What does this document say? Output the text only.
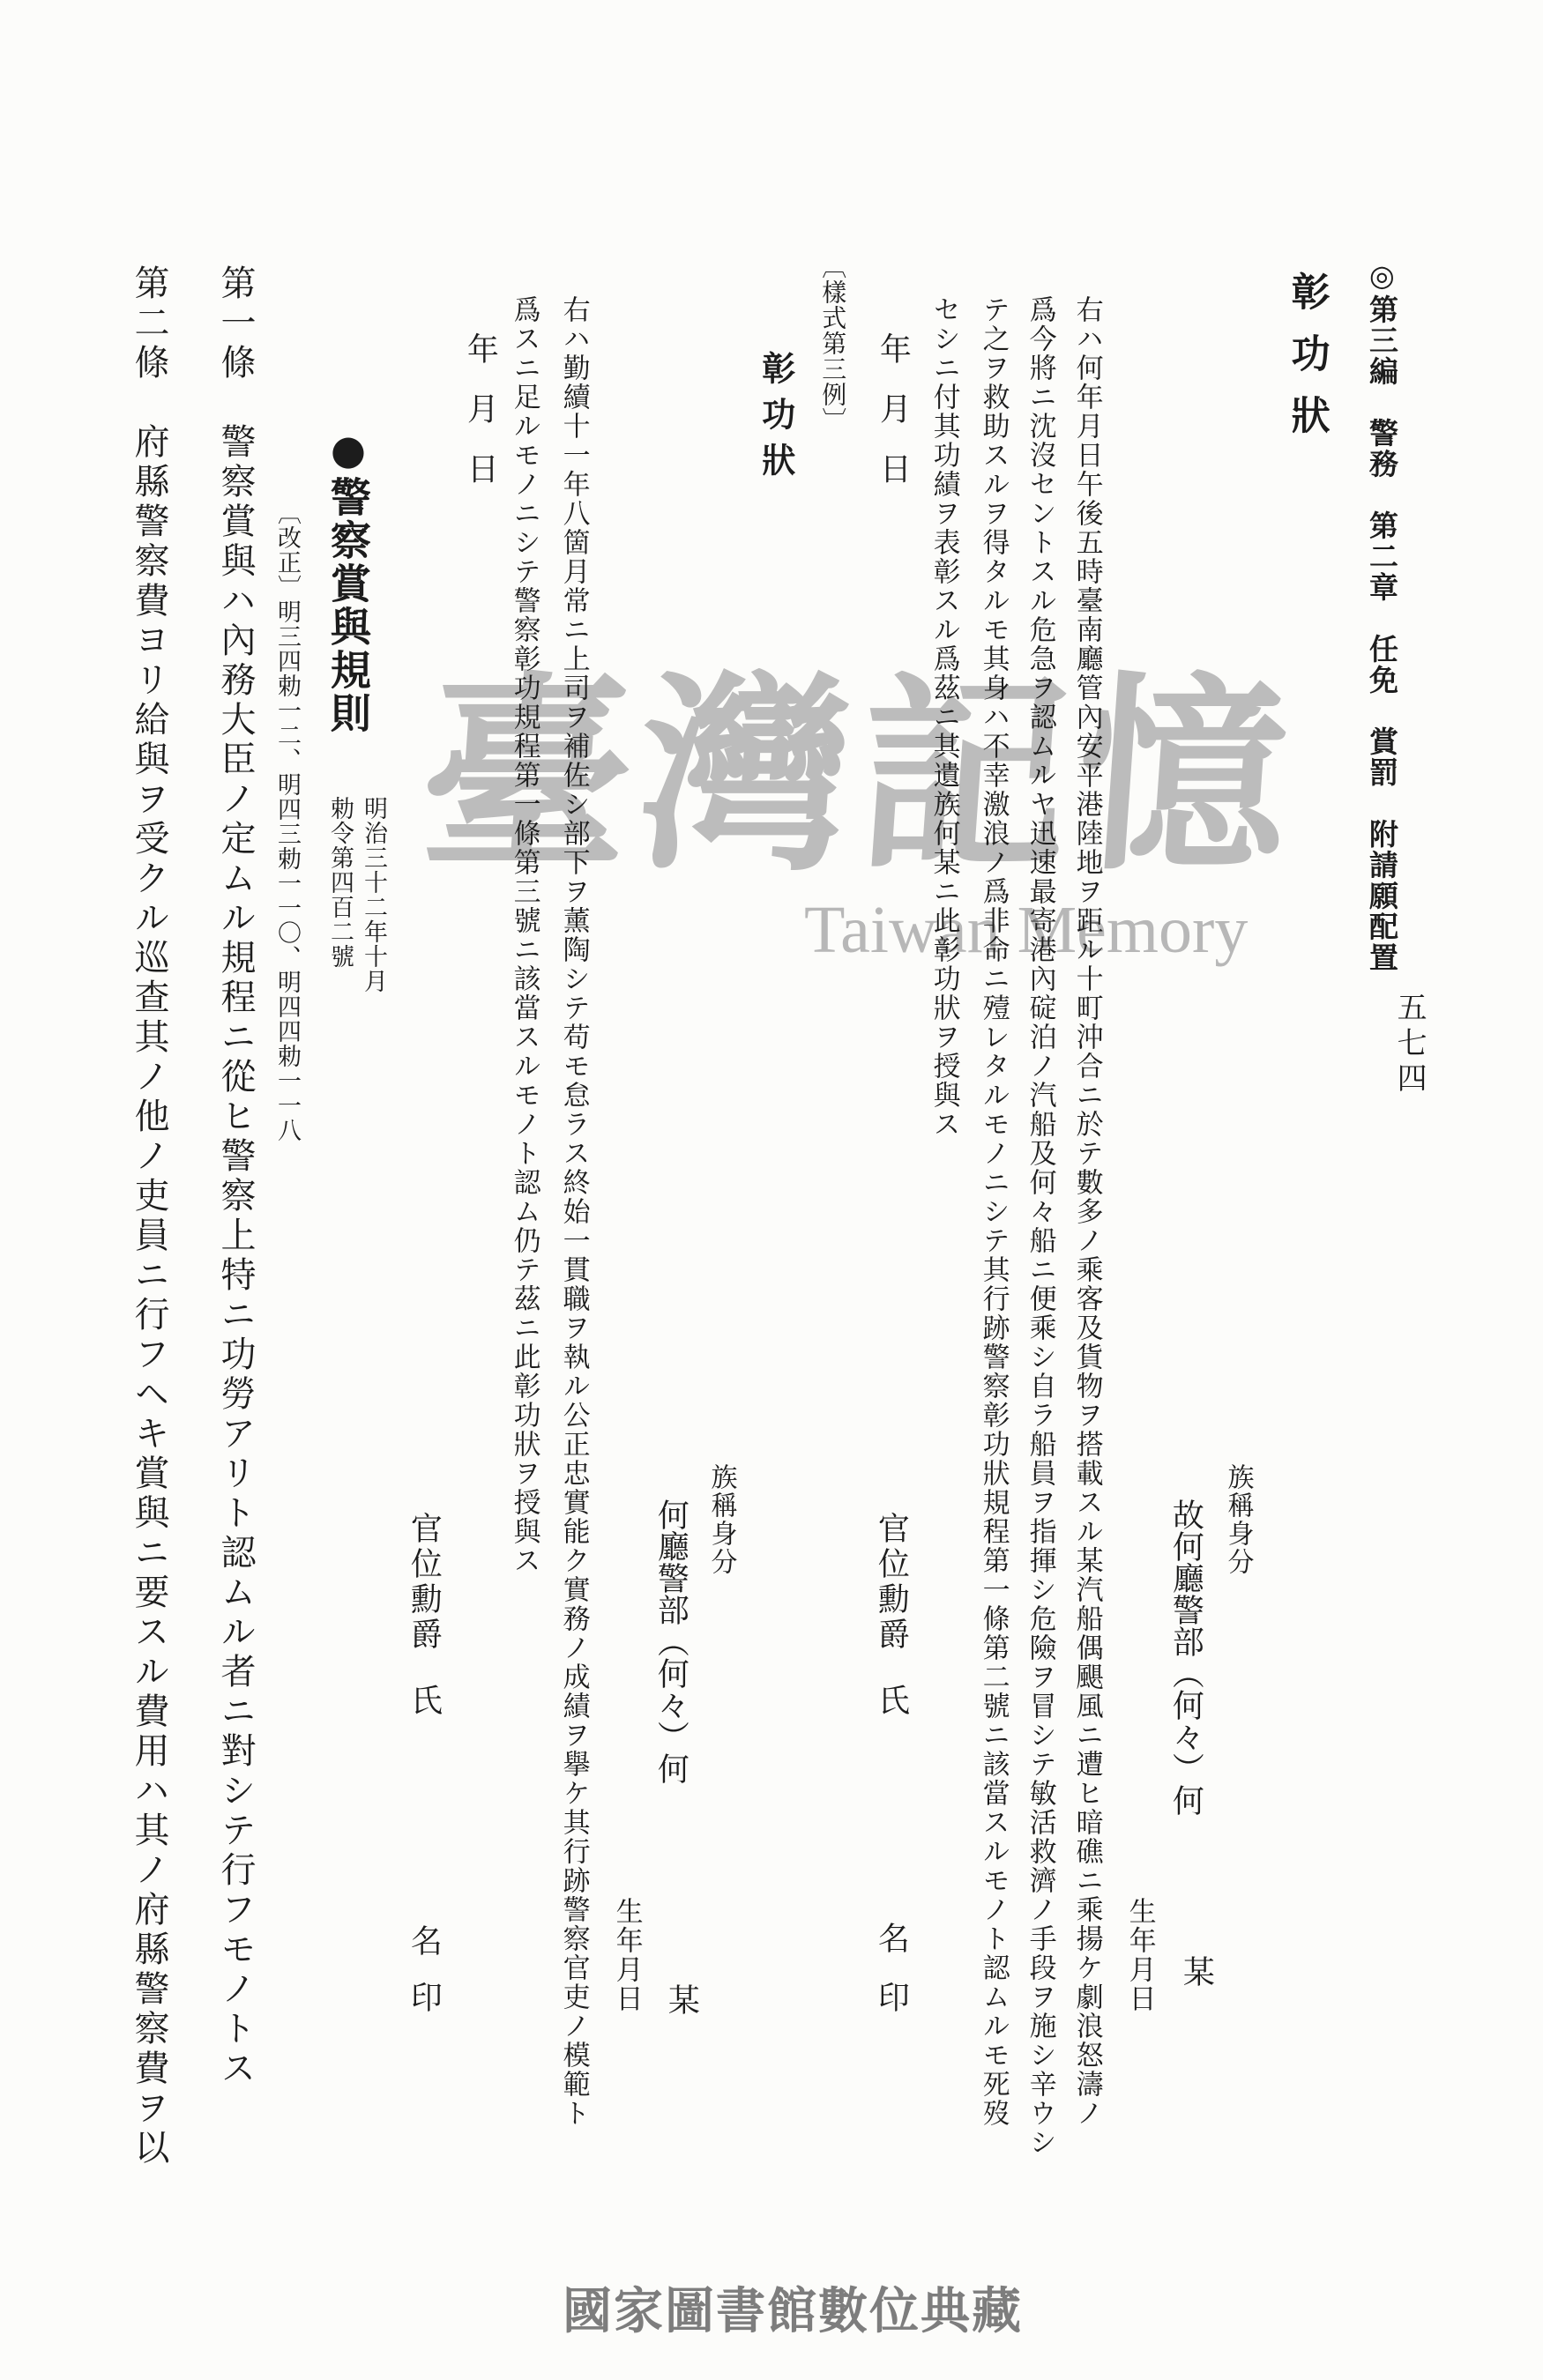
臺灣記憶
Taiwan Memory	◎第三編　警務　第二章　任免　賞罰　附請願配置
五七四
彰功狀
族稱身分
故何廳警部（何々）何
某
生年月日
右ハ何年月日午後五時臺南廳管內安平港陸地ヲ距ル十町沖合ニ於テ數多ノ乘客及貨物ヲ搭載スル某汽船偶颶風ニ遭ヒ暗礁ニ乘揚ケ劇浪怒濤ノ
爲今將ニ沈沒セントスル危急ヲ認ムルヤ迅速最寄港內碇泊ノ汽船及何々船ニ便乘シ自ラ船員ヲ指揮シ危險ヲ冒シテ敏活救濟ノ手段ヲ施シ辛ウシ
テ之ヲ救助スルヲ得タルモ其身ハ不幸激浪ノ爲非命ニ殪レタルモノニシテ其行跡警察彰功狀規程第一條第二號ニ該當スルモノト認ムルモ死歿
セシニ付其功績ヲ表彰スル爲茲ニ其遺族何某ニ此彰功狀ヲ授與ス
年月日
官位勳爵
氏
名
印
〔樣式第三例〕
彰功狀
族稱身分
何廳警部（何々）何
某
生年月日
右ハ勤續十一年八箇月常ニ上司ヲ補佐シ部下ヲ薰陶シテ苟モ怠ラス終始一貫職ヲ執ル公正忠實能ク實務ノ成績ヲ擧ケ其行跡警察官吏ノ模範ト
爲スニ足ルモノニシテ警察彰功規程第一條第三號ニ該當スルモノト認ム仍テ茲ニ此彰功狀ヲ授與ス
年月日
官位勳爵
氏
名
印
●警察賞與規則
明治三十二年十月
勅令第四百二號
〔改正〕明三四勅一二、明四三勅一一〇、明四四勅一一八
第一條　警察賞與ハ內務大臣ノ定ムル規程ニ從ヒ警察上特ニ功勞アリト認ムル者ニ對シテ行フモノトス
第二條　府縣警察費ヨリ給與ヲ受クル巡查其ノ他ノ吏員ニ行フヘキ賞與ニ要スル費用ハ其ノ府縣警察費ヲ以
國家圖書館數位典藏
